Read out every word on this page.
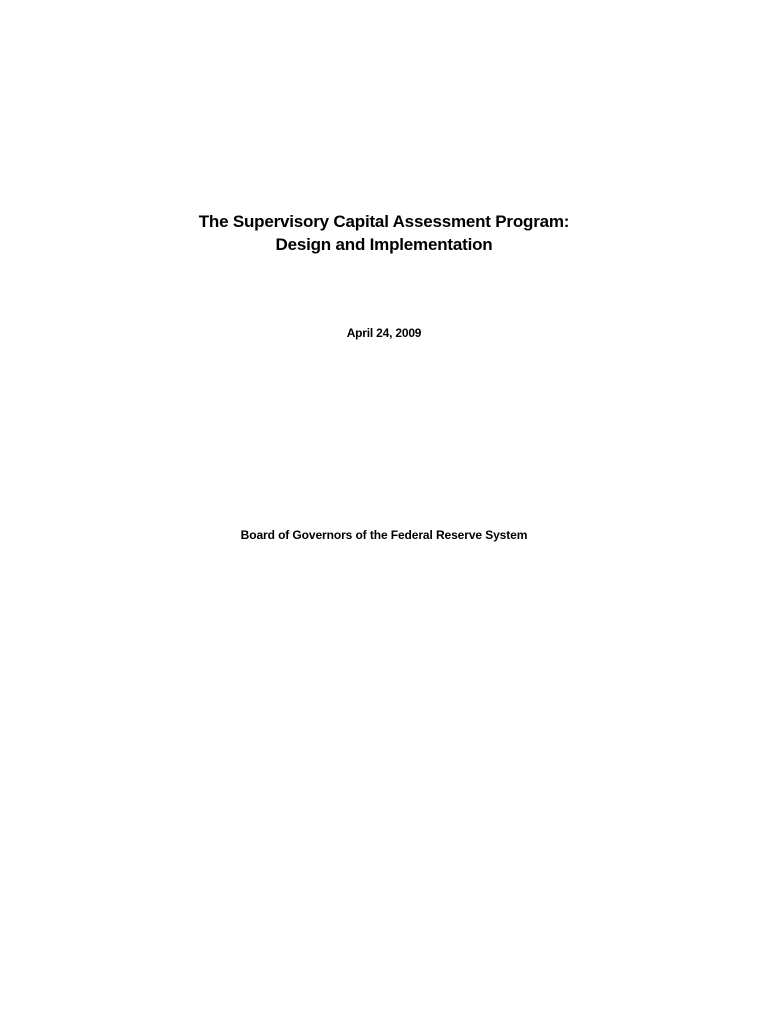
The Supervisory Capital Assessment Program:
Design and Implementation
April 24, 2009
Board of Governors of the Federal Reserve System
